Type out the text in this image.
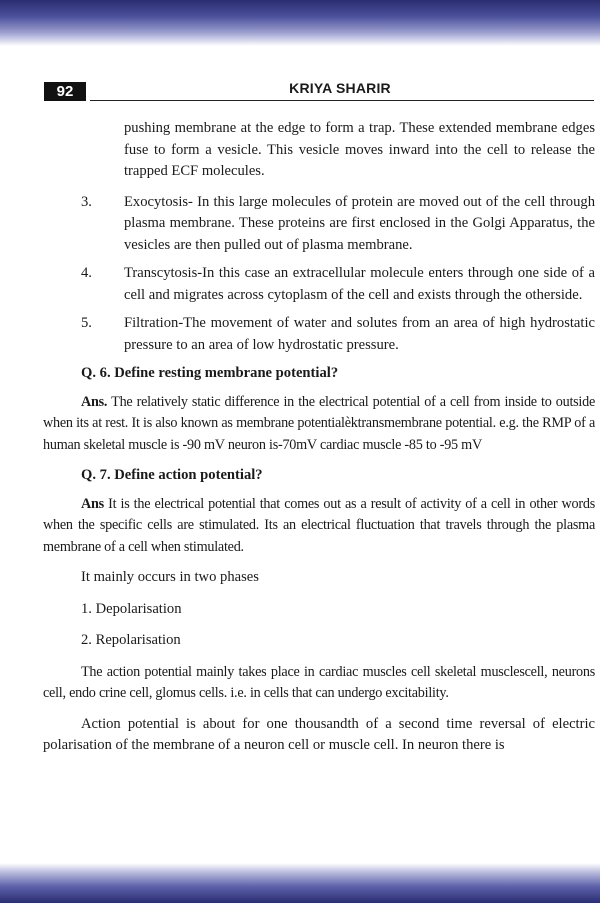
92	KRIYA SHARIR
pushing membrane at the edge to form a trap. These extended membrane edges fuse to form a vesicle. This vesicle moves inward into the cell to release the trapped ECF molecules.
3.	Exocytosis- In this large molecules of protein are moved out of the cell through plasma membrane. These proteins are first enclosed in the Golgi Apparatus, the vesicles are then pulled out of plasma membrane.
4.	Transcytosis-In this case an extracellular molecule enters through one side of a cell and migrates across cytoplasm of the cell and exists through the otherside.
5.	Filtration-The movement of water and solutes from an area of high hydrostatic pressure to an area of low hydrostatic pressure.
Q. 6. Define resting membrane potential?

Ans. The relatively static difference in the electrical potential of a cell from inside to outside when its at rest. It is also known as membrane potentialèktransmembrane potential. e.g. the RMP of a human skeletal muscle is -90 mV neuron is-70mV cardiac muscle -85 to -95 mV

Q. 7. Define action potential?

Ans It is the electrical potential that comes out as a result of activity of a cell in other words when the specific cells are stimulated. Its an electrical fluctuation that travels through the plasma membrane of a cell when stimulated.

It mainly occurs in two phases
1. Depolarisation
2. Repolarisation

The action potential mainly takes place in cardiac muscles cell skeletal musclescell, neurons cell, endo crine cell, glomus cells. i.e. in cells that can undergo excitability.

Action potential is about for one thousandth of a second time reversal of electric polarisation of the membrane of a neuron cell or muscle cell. In neuron there is
